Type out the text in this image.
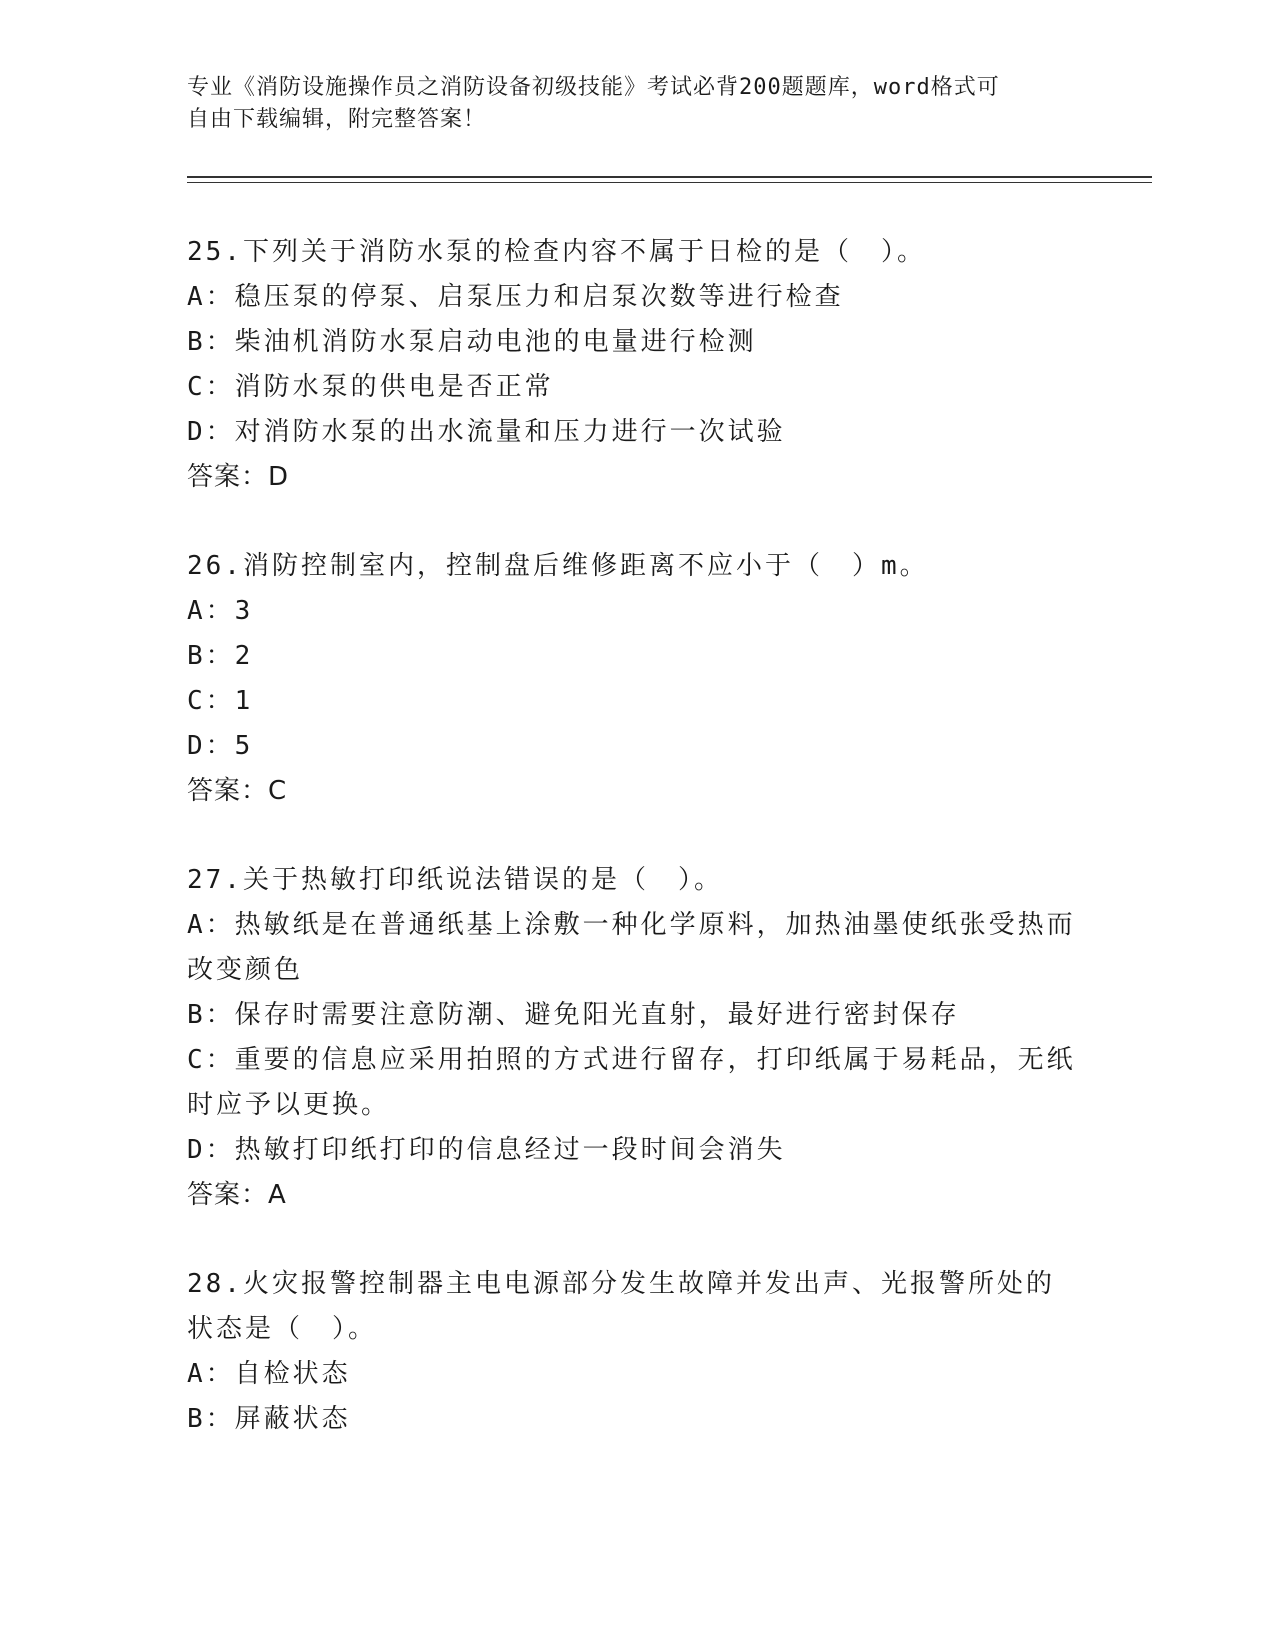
专业《消防设施操作员之消防设备初级技能》考试必背200题题库，word格式可
自由下载编辑，附完整答案！
25.下列关于消防水泵的检查内容不属于日检的是（　）。
A：稳压泵的停泵、启泵压力和启泵次数等进行检查
B：柴油机消防水泵启动电池的电量进行检测
C：消防水泵的供电是否正常
D：对消防水泵的出水流量和压力进行一次试验
答案：D
26.消防控制室内，控制盘后维修距离不应小于（　）m。
A：3
B：2
C：1
D：5
答案：C
27.关于热敏打印纸说法错误的是（　）。
A：热敏纸是在普通纸基上涂敷一种化学原料，加热油墨使纸张受热而改变颜色
B：保存时需要注意防潮、避免阳光直射，最好进行密封保存
C：重要的信息应采用拍照的方式进行留存，打印纸属于易耗品，无纸时应予以更换。
D：热敏打印纸打印的信息经过一段时间会消失
答案：A
28.火灾报警控制器主电电源部分发生故障并发出声、光报警所处的状态是（　）。
A：自检状态
B：屏蔽状态
